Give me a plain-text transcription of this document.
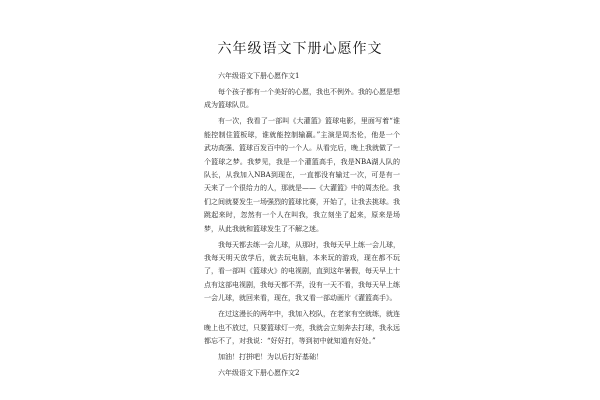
六年级语文下册心愿作文

六年级语文下册心愿作文1

每个孩子都有一个美好的心愿，我也不例外。我的心愿是想成为篮球队员。

有一次，我看了一部叫《大灌篮》篮球电影，里面写着“谁能控制住篮板球，谁就能控制输赢。”主演是周杰伦，他是一个武功高强、篮球百发百中的一个人。从看完后，晚上我就做了一个篮球之梦。我梦见，我是一个灌篮高手，我是NBA湖人队的队长，从我加入NBA到现在，一直都没有输过一次，可是有一天来了一个很给力的人，那就是——《大灌篮》中的周杰伦。我们之间就要发生一场强烈的篮球比赛，开始了，让我去挑球。我跳起来时，忽然有一个人在叫我，我立刻坐了起来，原来是场梦，从此我就和篮球发生了不解之迷。

我每天都去练一会儿球，从那时，我每天早上练一会儿球，我每天明天放学后，就去玩电脑，本来玩的游戏，现在都不玩了，看一部叫《篮球火》的电视剧，直到这年暑假，每天早上十点有这部电视剧，我每天都不弄，没有一天不看，我每天早上练一会儿球，就回来看，现在，我又看一部动画片《灌篮高手》。

在过这漫长的两年中，我加入校队，在老家有空就练，就连晚上也不放过，只要篮球灯一亮，我就会立刻奔去打球，我永远都忘不了，对我说：“好好打，等到初中就知道有好处。”

加油！打拼吧！为以后打好基础！

六年级语文下册心愿作文2
